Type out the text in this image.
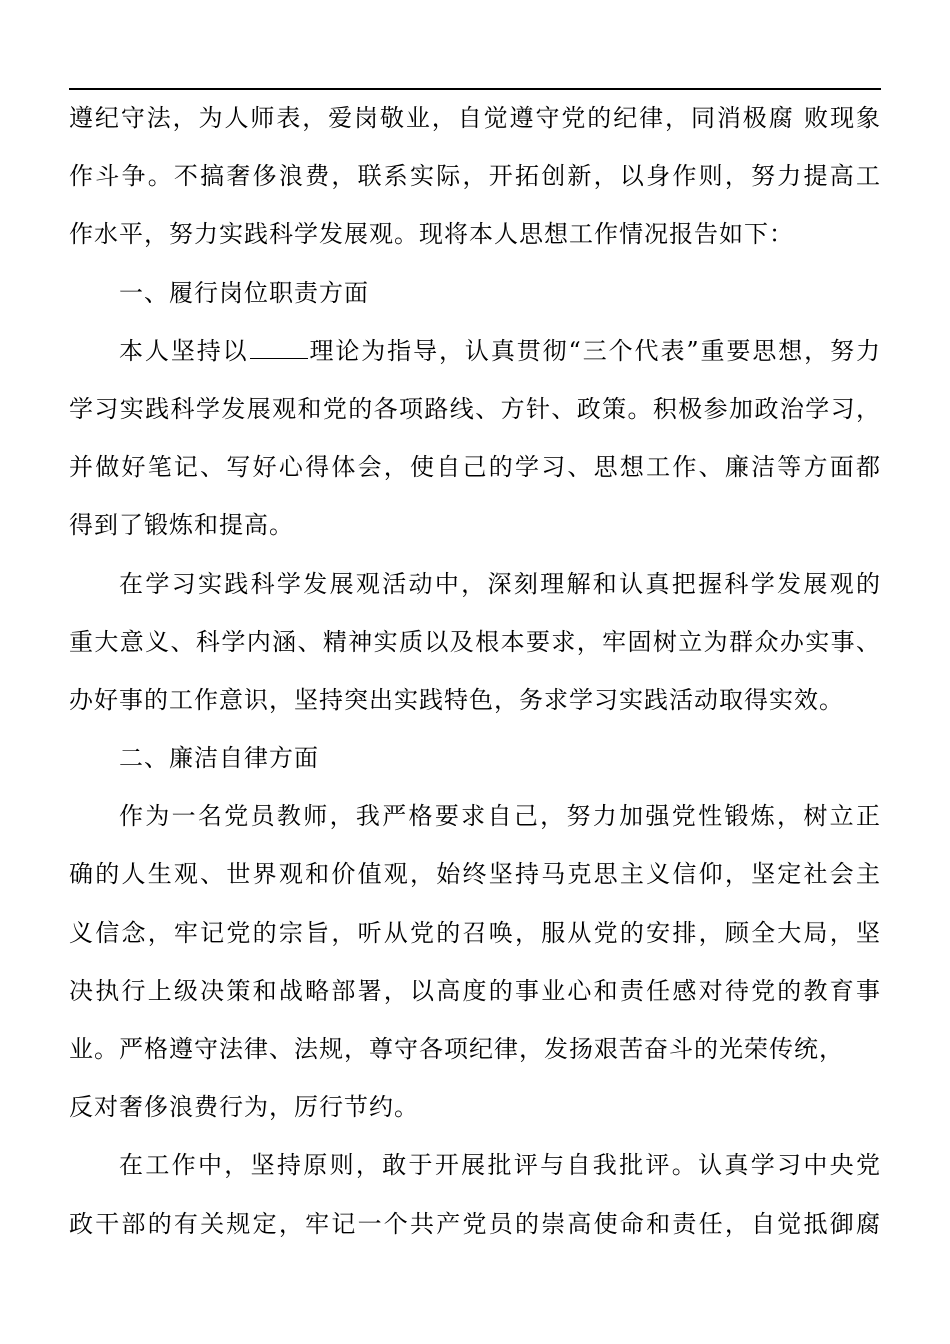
遵纪守法，为人师表，爱岗敬业，自觉遵守党的纪律，同消极腐 败现象
作斗争。不搞奢侈浪费，联系实际，开拓创新，以身作则，努力提高工
作水平，努力实践科学发展观。现将本人思想工作情况报告如下：
一、履行岗位职责方面
本人坚持以	理论为指导，认真贯彻“三个代表”重要思想，努力
学习实践科学发展观和党的各项路线、方针、政策。积极参加政治学习，
并做好笔记、写好心得体会，使自己的学习、思想工作、廉洁等方面都
得到了锻炼和提高。
在学习实践科学发展观活动中，深刻理解和认真把握科学发展观的
重大意义、科学内涵、精神实质以及根本要求，牢固树立为群众办实事、
办好事的工作意识，坚持突出实践特色，务求学习实践活动取得实效。
二、廉洁自律方面
作为一名党员教师，我严格要求自己，努力加强党性锻炼，树立正
确的人生观、世界观和价值观，始终坚持马克思主义信仰，坚定社会主
义信念，牢记党的宗旨，听从党的召唤，服从党的安排，顾全大局，坚
决执行上级决策和战略部署，以高度的事业心和责任感对待党的教育事
业。严格遵守法律、法规，尊守各项纪律，发扬艰苦奋斗的光荣传统，
反对奢侈浪费行为，厉行节约。
在工作中，坚持原则，敢于开展批评与自我批评。认真学习中央党
政干部的有关规定，牢记一个共产党员的崇高使命和责任，自觉抵御腐
